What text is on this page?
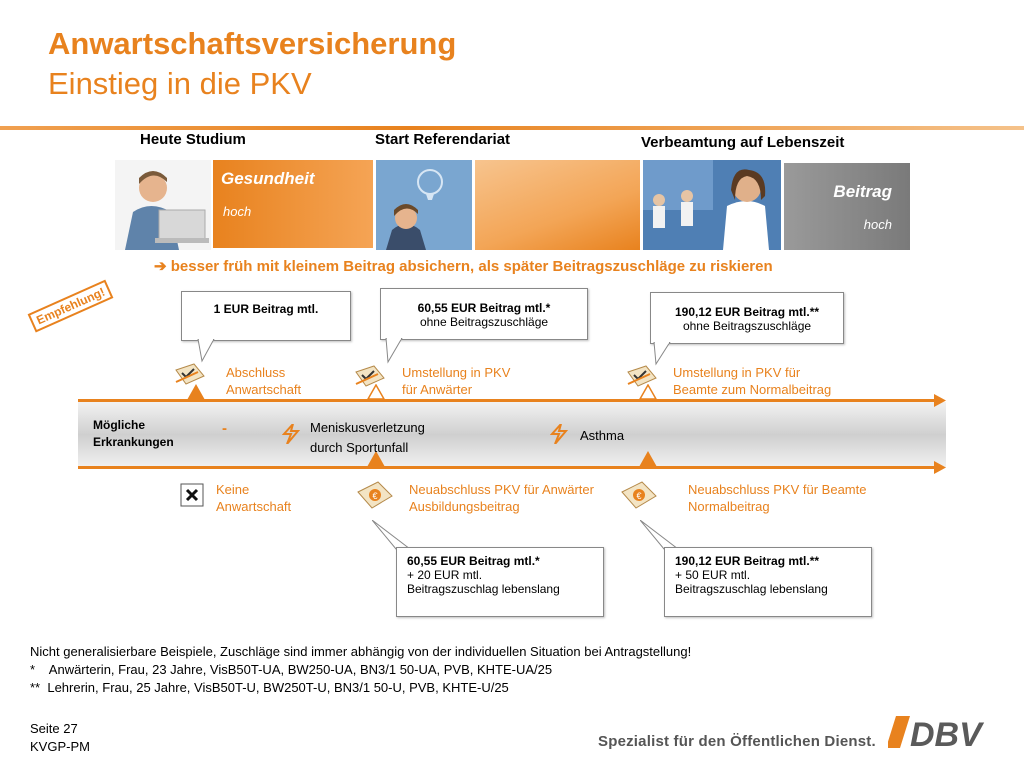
Anwartschaftsversicherung
Einstieg in die PKV
Heute Studium	Start Referendariat	Verbeamtung auf Lebenszeit
Gesundheit
hoch
Beitrag
hoch
➔ besser früh mit kleinem Beitrag absichern, als später Beitragszuschläge zu riskieren
Empfehlung!	1 EUR Beitrag mtl.	60,55 EUR Beitrag mtl.*
ohne Beitragszuschläge
190,12 EUR Beitrag mtl.**
ohne Beitragszuschläge
Abschluss
Anwartschaft
Umstellung in PKV
für Anwärter
Umstellung in PKV für
Beamte zum Normalbeitrag
Mögliche
Erkrankungen
-	Meniskusverletzung
durch Sportunfall
Asthma
€	€
Keine
Anwartschaft
Neuabschluss PKV für Anwärter
Ausbildungsbeitrag
Neuabschluss PKV für Beamte
Normalbeitrag
60,55 EUR Beitrag mtl.*
+ 20 EUR mtl.
Beitragszuschlag lebenslang
190,12 EUR Beitrag mtl.**
+ 50 EUR mtl.
Beitragszuschlag lebenslang
Nicht generalisierbare Beispiele, Zuschläge sind immer abhängig von der individuellen Situation bei Antragstellung!
*    Anwärterin, Frau, 23 Jahre, VisB50T-UA, BW250-UA, BN3/1 50-UA, PVB, KHTE-UA/25
**  Lehrerin, Frau, 25 Jahre, VisB50T-U, BW250T-U, BN3/1 50-U, PVB, KHTE-U/25
Seite 27
KVGP-PM	Spezialist für den Öffentlichen Dienst. DBV
